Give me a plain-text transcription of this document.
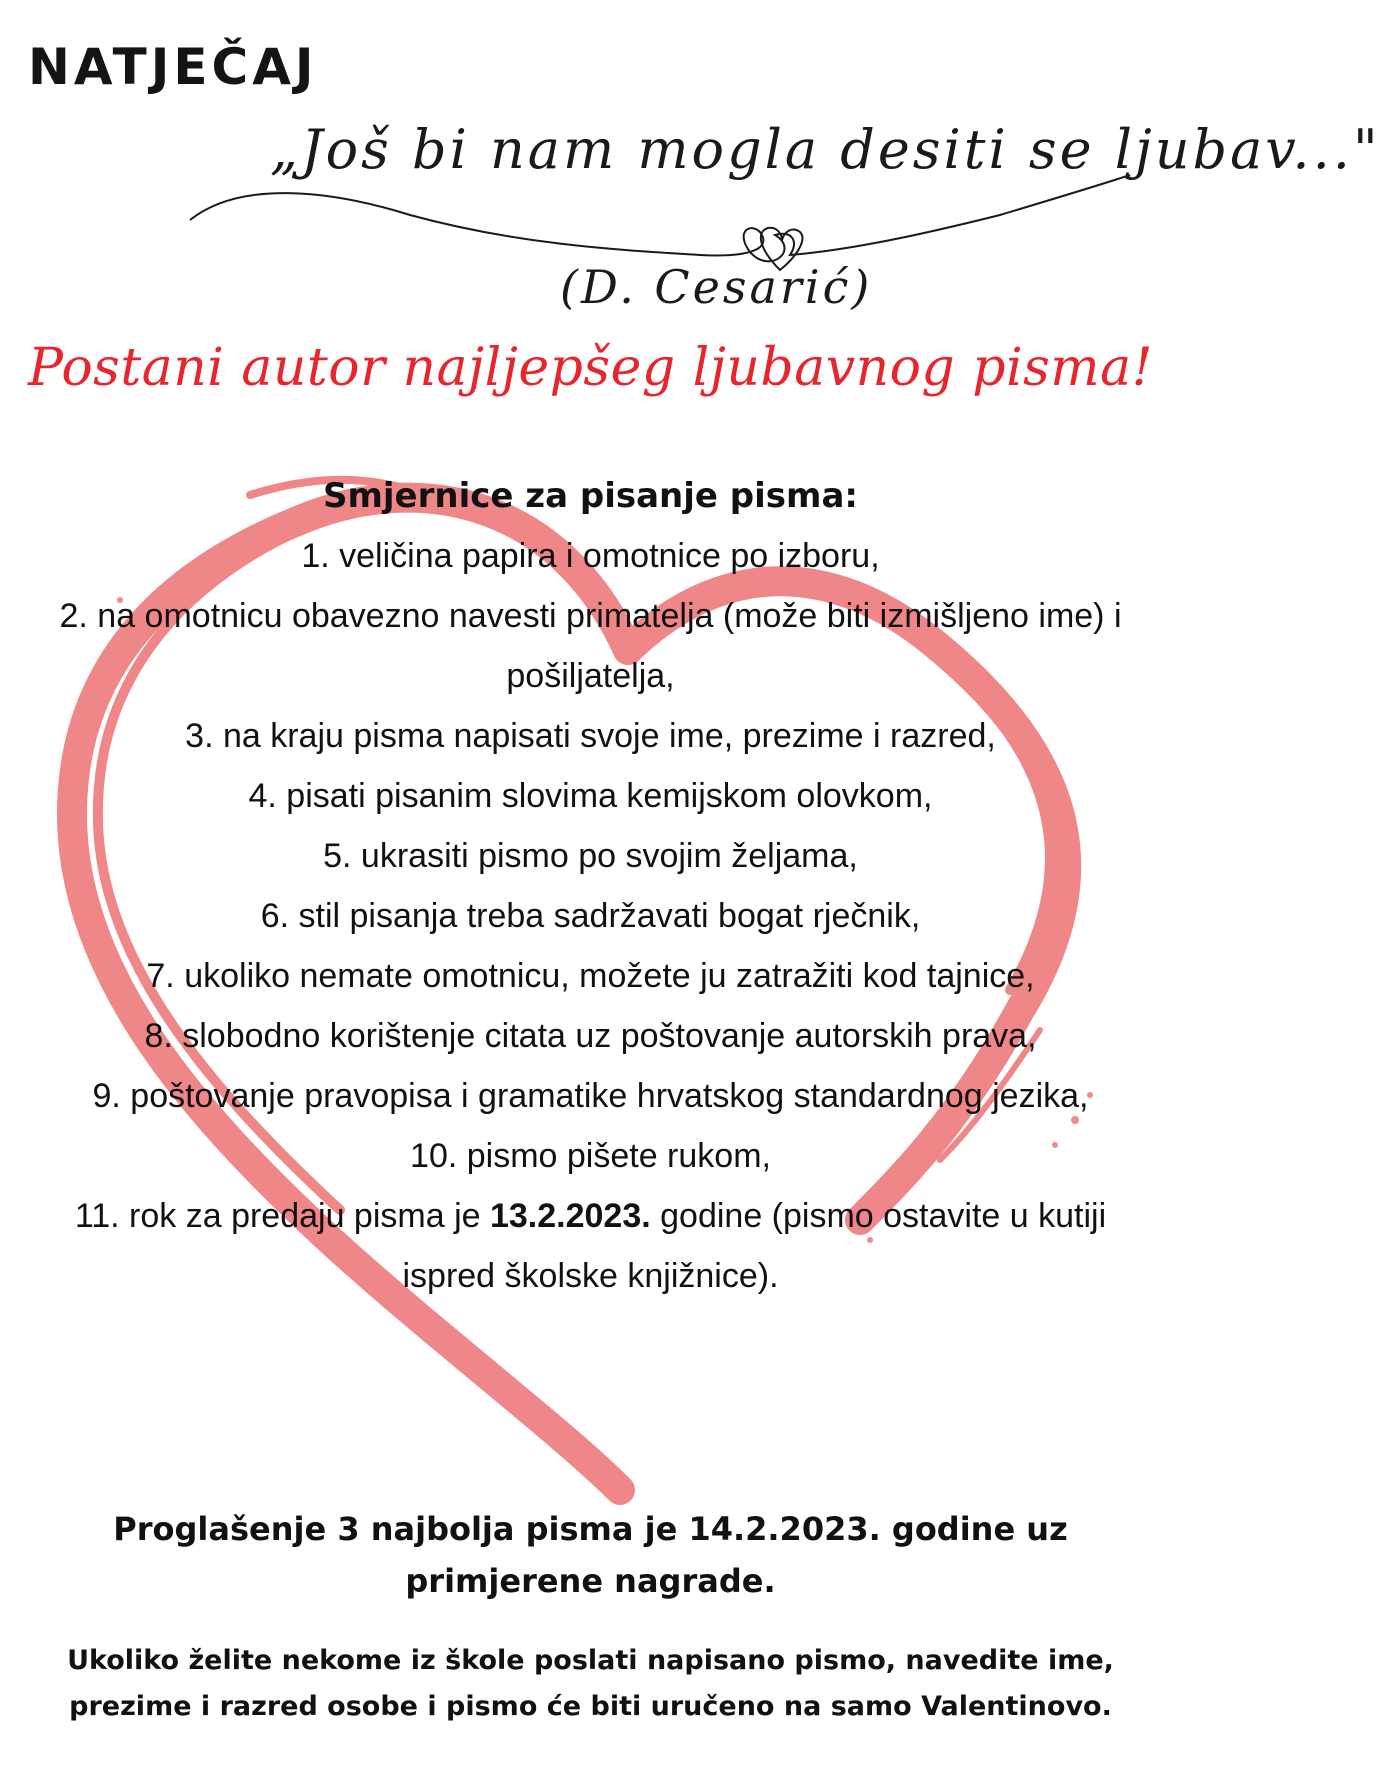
NATJEČAJ
„Još bi nam mogla desiti se ljubav..."
(D. Cesarić)
Postani autor najljepšeg ljubavnog pisma!
Smjernice za pisanje pisma:
1. veličina papira i omotnice po izboru,
2. na omotnicu obavezno navesti primatelja (može biti izmišljeno ime) i pošiljatelja,
3. na kraju pisma napisati svoje ime, prezime i razred,
4. pisati pisanim slovima kemijskom olovkom,
5. ukrasiti pismo po svojim željama,
6. stil pisanja treba sadržavati bogat rječnik,
7. ukoliko nemate omotnicu, možete ju zatražiti kod tajnice,
8. slobodno korištenje citata uz poštovanje autorskih prava,
9. poštovanje pravopisa i gramatike hrvatskog standardnog jezika,
10. pismo pišete rukom,
11. rok za predaju pisma je 13.2.2023. godine (pismo ostavite u kutiji ispred školske knjižnice).
Proglašenje 3 najbolja pisma je 14.2.2023. godine uz primjerene nagrade.
Ukoliko želite nekome iz škole poslati napisano pismo, navedite ime, prezime i razred osobe i pismo će biti uručeno na samo Valentinovo.
